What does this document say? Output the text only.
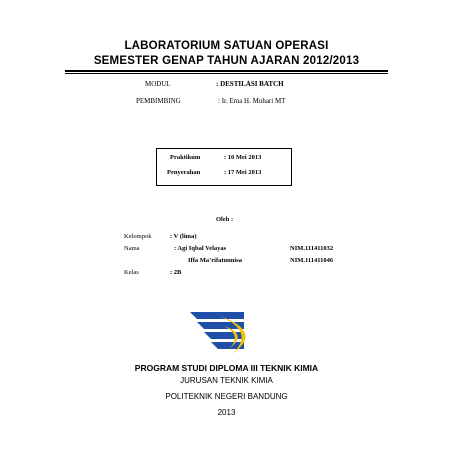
LABORATORIUM SATUAN OPERASI
SEMESTER GENAP TAHUN AJARAN 2012/2013
MODUL	: DESTILASI BATCH
PEMBIMBING	: Ir. Ema H. Muhari MT
Praktikum	: 10 Mei 2013
Penyerahan	: 17 Mei 2013
Oleh :
Kelompok	: V (lima)
Nama	: Agi Iqbal Velayas	NIM.111411032
Iffa Ma’rifatunnisa	NIM.111411046
Kelas	: 2B
PROGRAM STUDI DIPLOMA III TEKNIK KIMIA
JURUSAN TEKNIK KIMIA
POLITEKNIK NEGERI BANDUNG
2013
